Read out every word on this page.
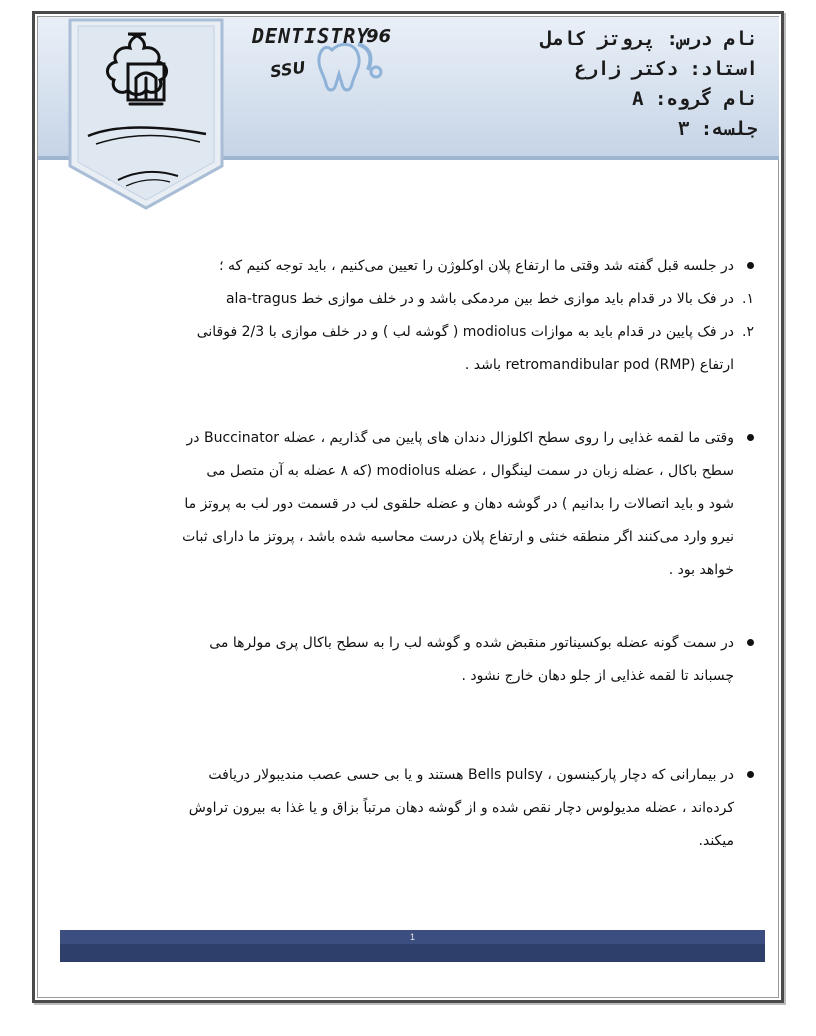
DENTISTRY
96
SSU
نام درس: پروتز کامل
استاد: دکتر زارع
نام گروه: A
جلسه: ۳
در جلسه قبل گفته شد وقتی ما ارتفاع پلان اوکلوژن را تعیین می‌کنیم ، باید توجه کنیم که ؛
۱.
در فک بالا در قدام باید موازی خط بین مردمکی باشد و در خلف موازی خط ala-tragus
۲.
در فک پایین در قدام باید به موازات modiolus ( گوشه لب ) و در خلف موازی با 2/3 فوقانی
ارتفاع retromandibular pod (RMP) باشد .
وقتی ما لقمه غذایی را روی سطح اکلوزال دندان های پایین می گذاریم ، عضله Buccinator در
سطح باکال ، عضله زبان در سمت لینگوال ، عضله modiolus (که ۸ عضله به آن متصل می
شود و باید اتصالات را بدانیم ) در گوشه دهان و عضله حلقوی لب در قسمت دور لب به پروتز ما
نیرو وارد می‌کنند اگر منطقه خنثی و ارتفاع پلان درست محاسبه شده باشد ، پروتز ما دارای ثبات
خواهد بود .
در سمت گونه عضله بوکسیناتور منقبض شده و گوشه لب را به سطح باکال پری مولرها می
چسباند تا لقمه غذایی از جلو دهان خارج نشود .
در بیمارانی که دچار پارکینسون ، Bells pulsy هستند و یا بی حسی عصب مندیبولار دریافت
کرده‌اند ، عضله مدیولوس دچار نقص شده و از گوشه دهان مرتباً بزاق و یا غذا به بیرون تراوش
میکند.
1
